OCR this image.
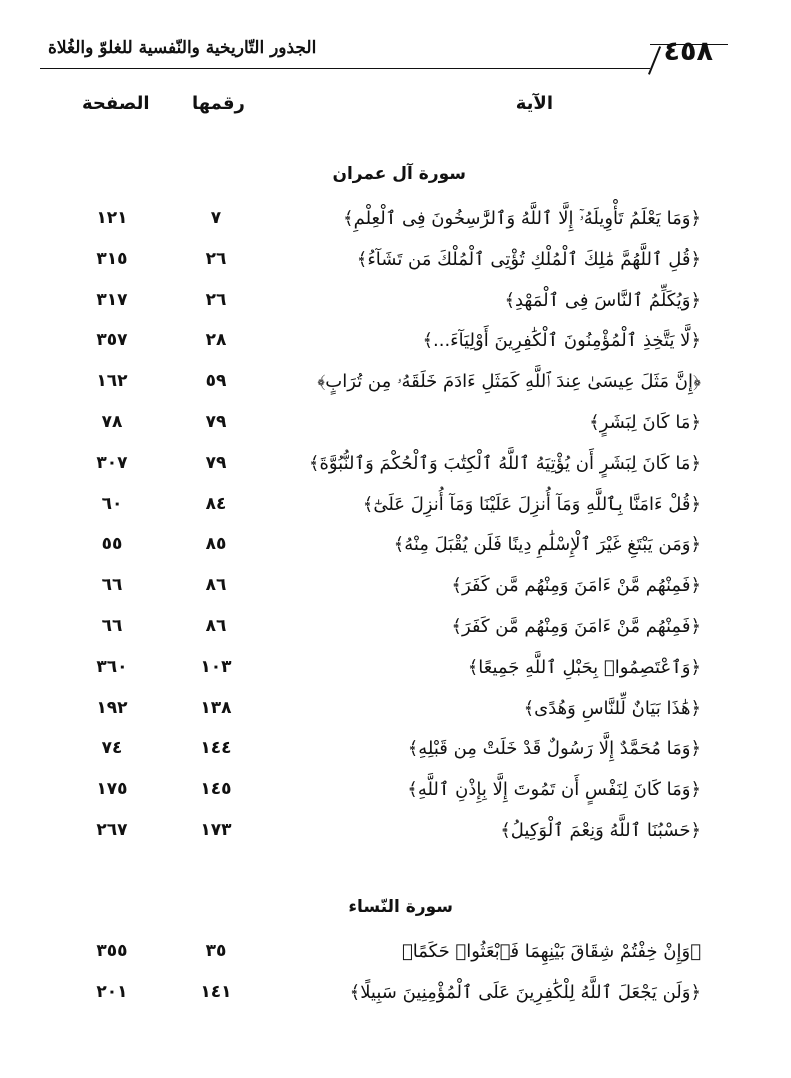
٤٥٨
الجذور التّاريخية والنّفسية للغلوّ والغُلاة
الآية
رقمها
الصفحة
سورة آل عمران
﴿وَمَا يَعْلَمُ تَأْوِيلَهُۥٓ إِلَّا ٱللَّهُ وَٱلرَّٰسِخُونَ فِى ٱلْعِلْمِ﴾
٧
١٢١
﴿قُلِ ٱللَّهُمَّ مَٰلِكَ ٱلْمُلْكِ تُؤْتِى ٱلْمُلْكَ مَن تَشَآءُ﴾
٢٦
٣١٥
﴿وَيُكَلِّمُ ٱلنَّاسَ فِى ٱلْمَهْدِ﴾
٢٦
٣١٧
﴿لَّا يَتَّخِذِ ٱلْمُؤْمِنُونَ ٱلْكَٰفِرِينَ أَوْلِيَآءَ...﴾
٢٨
٣٥٧
﴿إِنَّ مَثَلَ عِيسَىٰ عِندَ ٱللَّهِ كَمَثَلِ ءَادَمَ خَلَقَهُۥ مِن تُرَابٍ﴾
٥٩
١٦٢
﴿مَا كَانَ لِبَشَرٍ﴾
٧٩
٧٨
﴿مَا كَانَ لِبَشَرٍ أَن يُؤْتِيَهُ ٱللَّهُ ٱلْكِتَٰبَ وَٱلْحُكْمَ وَٱلنُّبُوَّةَ﴾
٧٩
٣٠٧
﴿قُلْ ءَامَنَّا بِٱللَّهِ وَمَآ أُنزِلَ عَلَيْنَا وَمَآ أُنزِلَ عَلَىٰٓ﴾
٨٤
٦٠
﴿وَمَن يَبْتَغِ غَيْرَ ٱلْإِسْلَٰمِ دِينًا فَلَن يُقْبَلَ مِنْهُ﴾
٨٥
٥٥
﴿فَمِنْهُم مَّنْ ءَامَنَ وَمِنْهُم مَّن كَفَرَ﴾
٨٦
٦٦
﴿فَمِنْهُم مَّنْ ءَامَنَ وَمِنْهُم مَّن كَفَرَ﴾
٨٦
٦٦
﴿وَٱعْتَصِمُوا۟ بِحَبْلِ ٱللَّهِ جَمِيعًا﴾
١٠٣
٣٦٠
﴿هَٰذَا بَيَانٌ لِّلنَّاسِ وَهُدًى﴾
١٣٨
١٩٢
﴿وَمَا مُحَمَّدٌ إِلَّا رَسُولٌ قَدْ خَلَتْ مِن قَبْلِهِ﴾
١٤٤
٧٤
﴿وَمَا كَانَ لِنَفْسٍ أَن تَمُوتَ إِلَّا بِإِذْنِ ٱللَّهِ﴾
١٤٥
١٧٥
﴿حَسْبُنَا ٱللَّهُ وَنِعْمَ ٱلْوَكِيلُ﴾
١٧٣
٢٦٧
سورة النّساء
﴿وَإِنْ خِفْتُمْ شِقَاقَ بَيْنِهِمَا فَٱبْعَثُوا۟ حَكَمًا﴾
٣٥
٣٥٥
﴿وَلَن يَجْعَلَ ٱللَّهُ لِلْكَٰفِرِينَ عَلَى ٱلْمُؤْمِنِينَ سَبِيلًا﴾
١٤١
٢٠١
